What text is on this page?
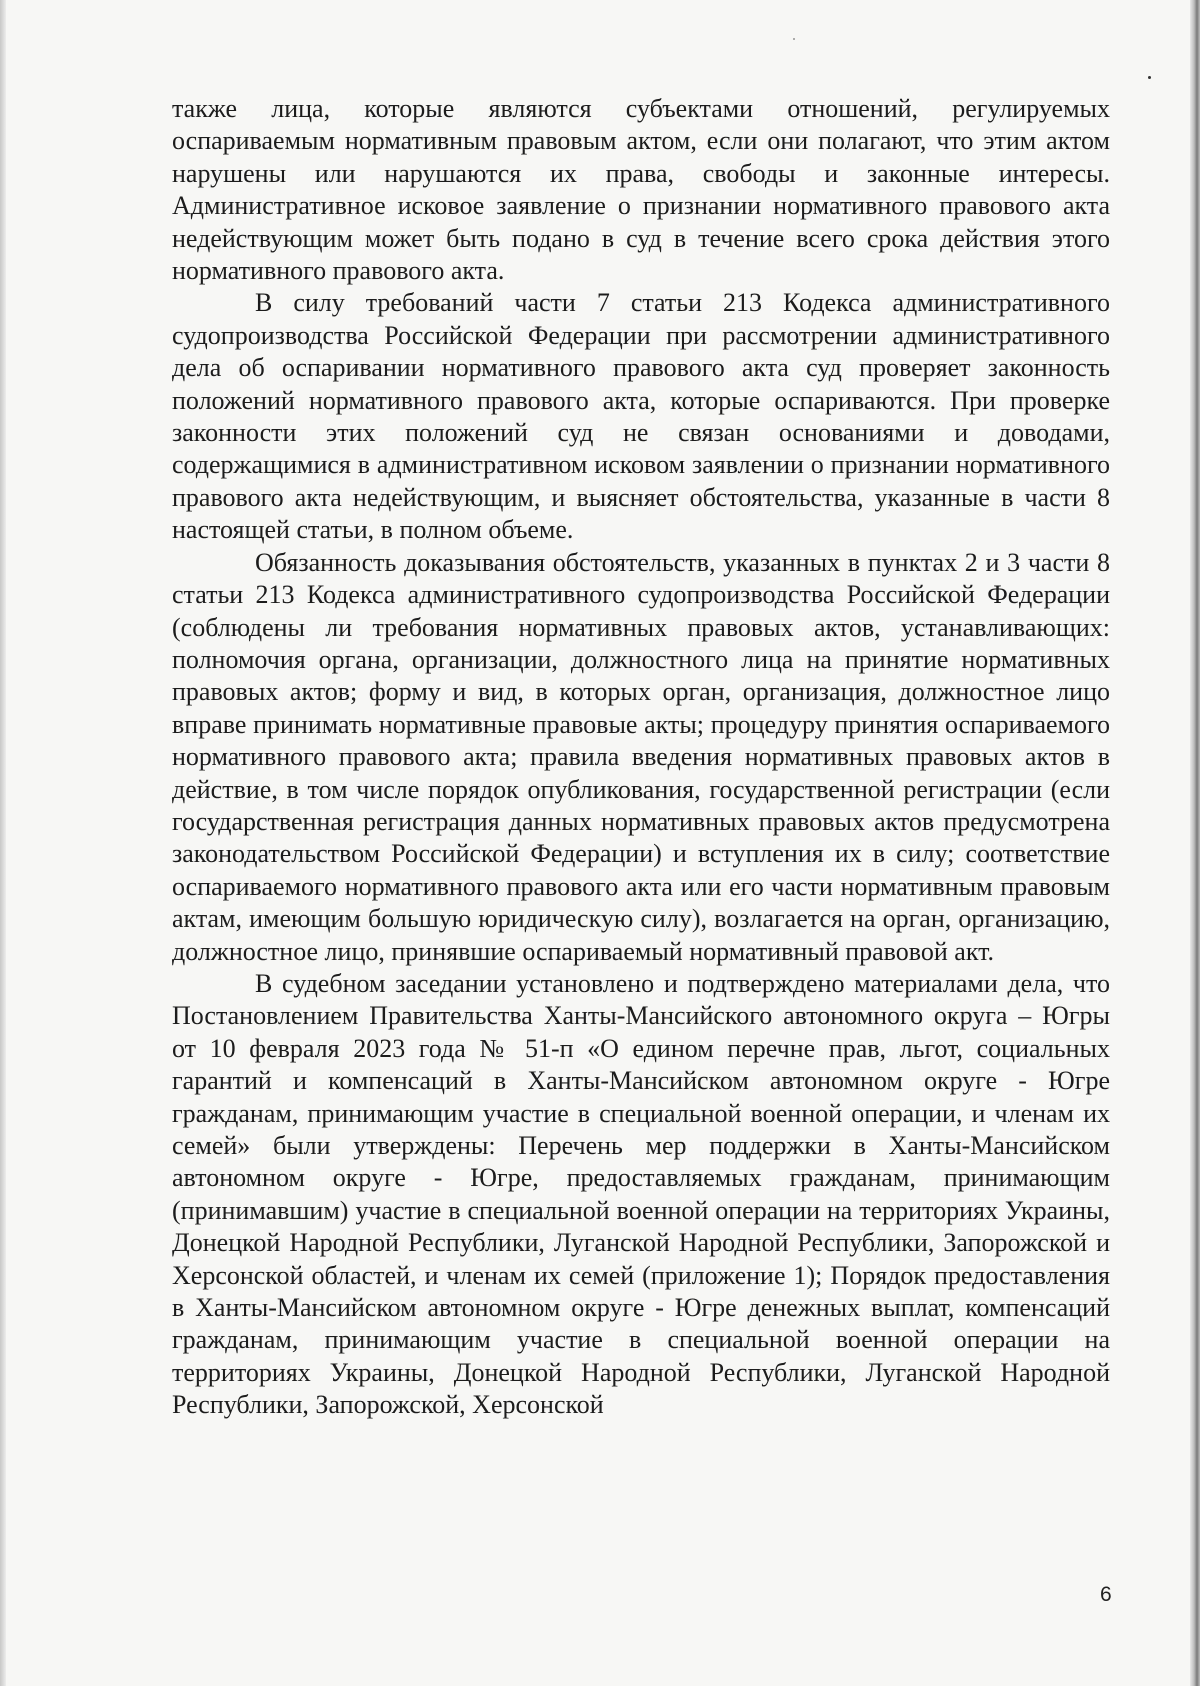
также лица, которые являются субъектами отношений, регулируемых оспариваемым нормативным правовым актом, если они полагают, что этим актом нарушены или нарушаются их права, свободы и законные интересы. Административное исковое заявление о признании нормативного правового акта недействующим может быть подано в суд в течение всего срока действия этого нормативного правового акта.

В силу требований части 7 статьи 213 Кодекса административного судопроизводства Российской Федерации при рассмотрении административного дела об оспаривании нормативного правового акта суд проверяет законность положений нормативного правового акта, которые оспариваются. При проверке законности этих положений суд не связан основаниями и доводами, содержащимися в административном исковом заявлении о признании нормативного правового акта недействующим, и выясняет обстоятельства, указанные в части 8 настоящей статьи, в полном объеме.

Обязанность доказывания обстоятельств, указанных в пунктах 2 и 3 части 8 статьи 213 Кодекса административного судопроизводства Российской Федерации (соблюдены ли требования нормативных правовых актов, устанавливающих: полномочия органа, организации, должностного лица на принятие нормативных правовых актов; форму и вид, в которых орган, организация, должностное лицо вправе принимать нормативные правовые акты; процедуру принятия оспариваемого нормативного правового акта; правила введения нормативных правовых актов в действие, в том числе порядок опубликования, государственной регистрации (если государственная регистрация данных нормативных правовых актов предусмотрена законодательством Российской Федерации) и вступления их в силу; соответствие оспариваемого нормативного правового акта или его части нормативным правовым актам, имеющим большую юридическую силу), возлагается на орган, организацию, должностное лицо, принявшие оспариваемый нормативный правовой акт.

В судебном заседании установлено и подтверждено материалами дела, что Постановлением Правительства Ханты-Мансийского автономного округа – Югры от 10 февраля 2023 года № 51-п «О едином перечне прав, льгот, социальных гарантий и компенсаций в Ханты-Мансийском автономном округе - Югре гражданам, принимающим участие в специальной военной операции, и членам их семей» были утверждены: Перечень мер поддержки в Ханты-Мансийском автономном округе - Югре, предоставляемых гражданам, принимающим (принимавшим) участие в специальной военной операции на территориях Украины, Донецкой Народной Республики, Луганской Народной Республики, Запорожской и Херсонской областей, и членам их семей (приложение 1); Порядок предоставления в Ханты-Мансийском автономном округе - Югре денежных выплат, компенсаций гражданам, принимающим участие в специальной военной операции на территориях Украины, Донецкой Народной Республики, Луганской Народной Республики, Запорожской, Херсонской

6
